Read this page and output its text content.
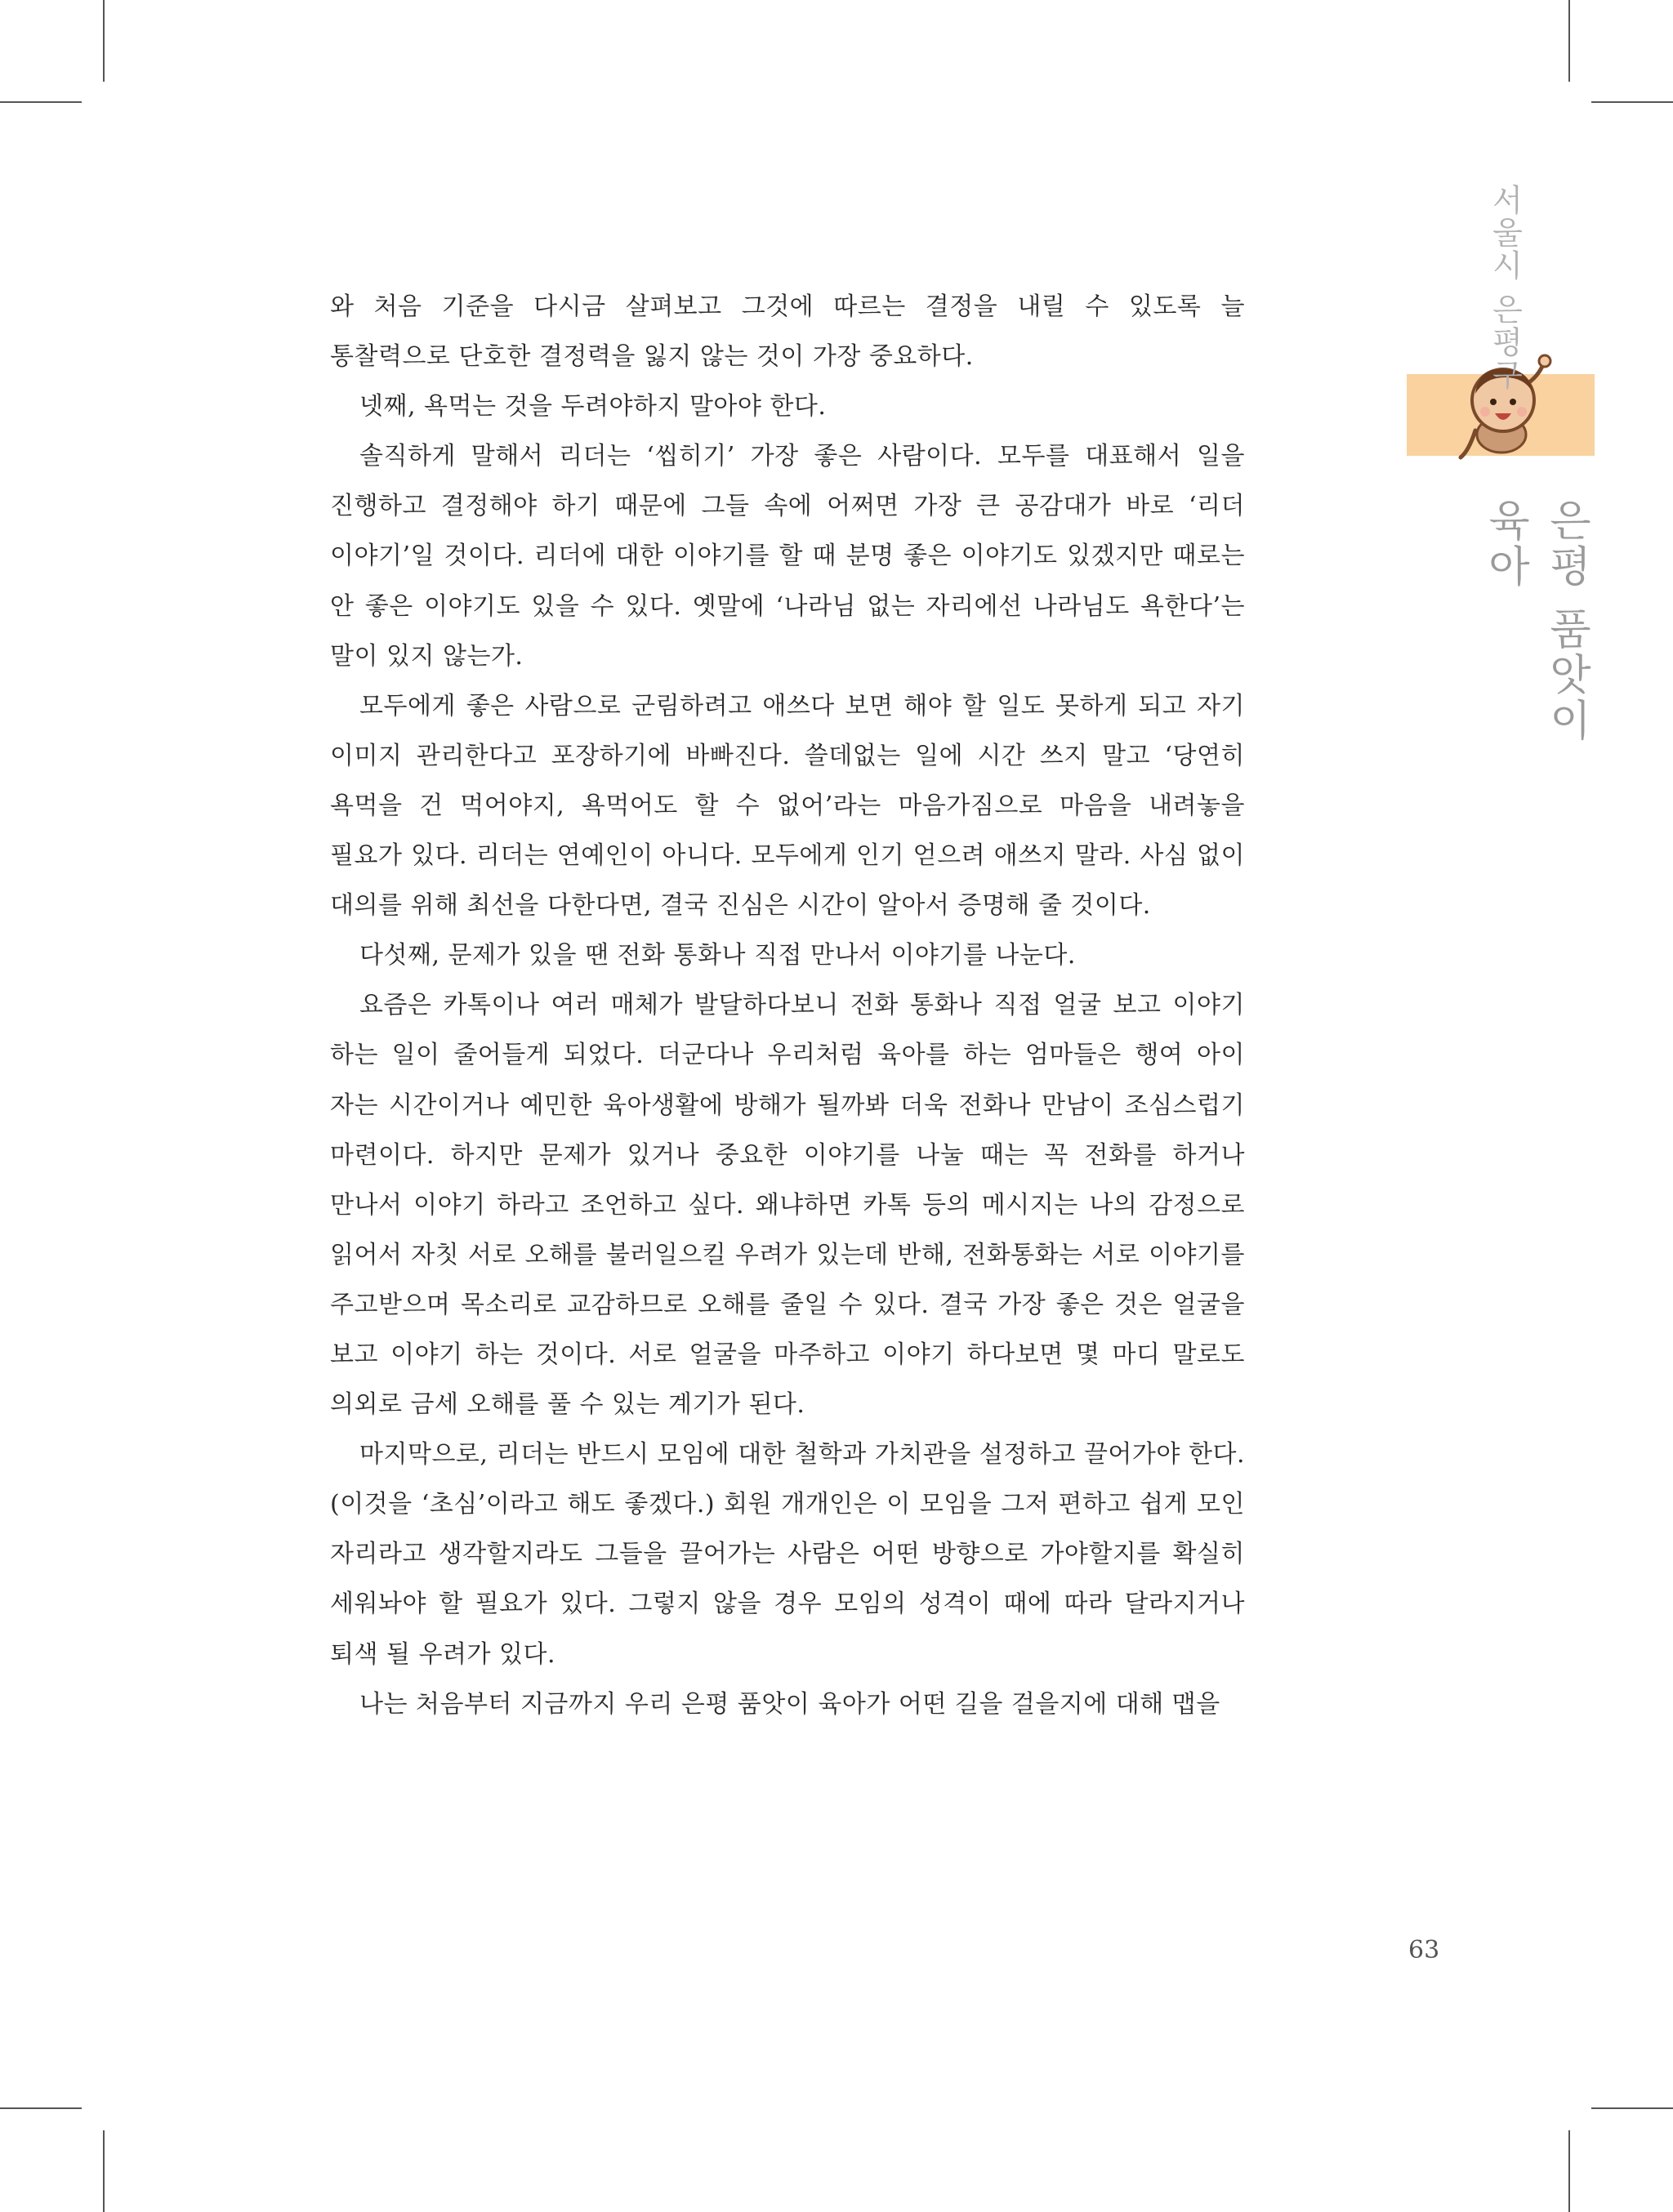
서울시 은평구
은평 품앗이 육아

와 처음 기준을 다시금 살펴보고 그것에 따르는 결정을 내릴 수 있도록 늘 통찰력으로 단호한 결정력을 잃지 않는 것이 가장 중요하다.

넷째, 욕먹는 것을 두려야하지 말아야 한다.

솔직하게 말해서 리더는 ‘씹히기’ 가장 좋은 사람이다. 모두를 대표해서 일을 진행하고 결정해야 하기 때문에 그들 속에 어쩌면 가장 큰 공감대가 바로 ‘리더 이야기’일 것이다. 리더에 대한 이야기를 할 때 분명 좋은 이야기도 있겠지만 때로는 안 좋은 이야기도 있을 수 있다. 옛말에 ‘나라님 없는 자리에선 나라님도 욕한다’는 말이 있지 않는가.

모두에게 좋은 사람으로 군림하려고 애쓰다 보면 해야 할 일도 못하게 되고 자기 이미지 관리한다고 포장하기에 바빠진다. 쓸데없는 일에 시간 쓰지 말고 ‘당연히 욕먹을 건 먹어야지, 욕먹어도 할 수 없어’라는 마음가짐으로 마음을 내려놓을 필요가 있다. 리더는 연예인이 아니다. 모두에게 인기 얻으려 애쓰지 말라. 사심 없이 대의를 위해 최선을 다한다면, 결국 진심은 시간이 알아서 증명해 줄 것이다.

다섯째, 문제가 있을 땐 전화 통화나 직접 만나서 이야기를 나눈다.

요즘은 카톡이나 여러 매체가 발달하다보니 전화 통화나 직접 얼굴 보고 이야기 하는 일이 줄어들게 되었다. 더군다나 우리처럼 육아를 하는 엄마들은 행여 아이 자는 시간이거나 예민한 육아생활에 방해가 될까봐 더욱 전화나 만남이 조심스럽기 마련이다. 하지만 문제가 있거나 중요한 이야기를 나눌 때는 꼭 전화를 하거나 만나서 이야기 하라고 조언하고 싶다. 왜냐하면 카톡 등의 메시지는 나의 감정으로 읽어서 자칫 서로 오해를 불러일으킬 우려가 있는데 반해, 전화통화는 서로 이야기를 주고받으며 목소리로 교감하므로 오해를 줄일 수 있다. 결국 가장 좋은 것은 얼굴을 보고 이야기 하는 것이다. 서로 얼굴을 마주하고 이야기 하다보면 몇 마디 말로도 의외로 금세 오해를 풀 수 있는 계기가 된다.

마지막으로, 리더는 반드시 모임에 대한 철학과 가치관을 설정하고 끌어가야 한다. (이것을 ‘초심’이라고 해도 좋겠다.) 회원 개개인은 이 모임을 그저 편하고 쉽게 모인 자리라고 생각할지라도 그들을 끌어가는 사람은 어떤 방향으로 가야할지를 확실히 세워놔야 할 필요가 있다. 그렇지 않을 경우 모임의 성격이 때에 따라 달라지거나 퇴색 될 우려가 있다.

나는 처음부터 지금까지 우리 은평 품앗이 육아가 어떤 길을 걸을지에 대해 맵을

63
